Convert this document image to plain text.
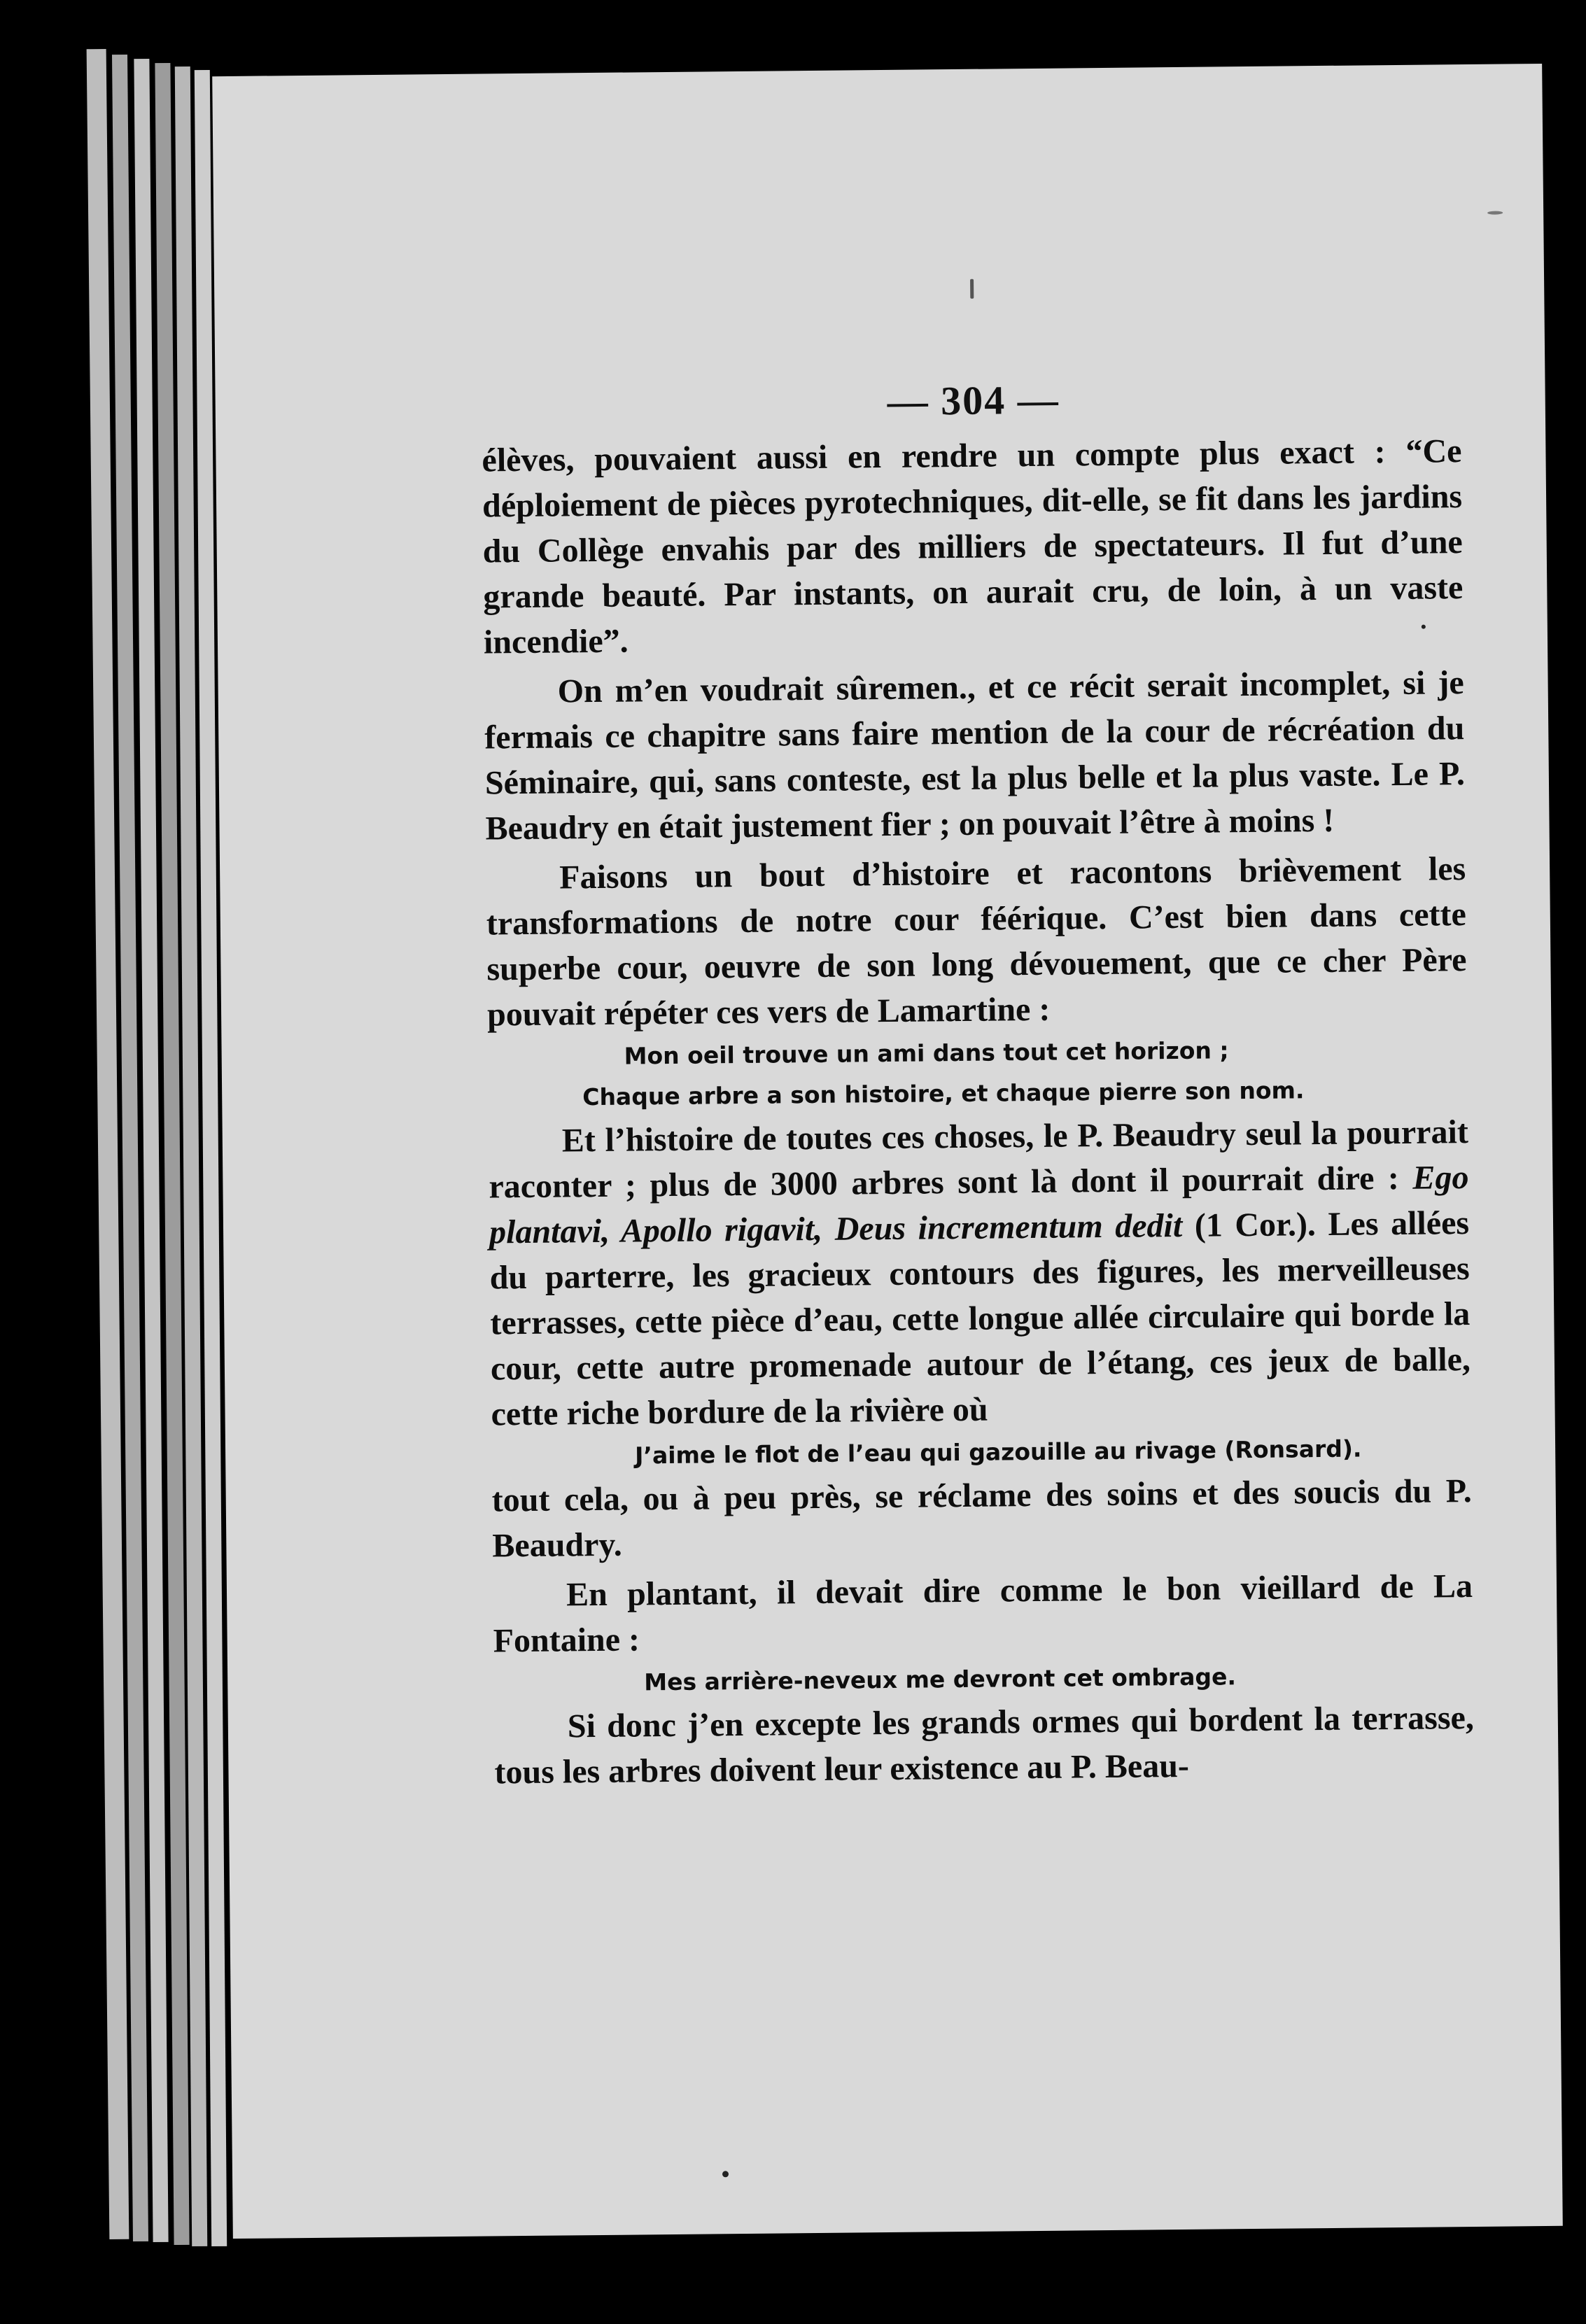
— 304 —

élèves, pouvaient aussi en rendre un compte plus exact : “Ce déploiement de pièces pyrotechniques, dit-elle, se fit dans les jardins du Collège envahis par des milliers de spectateurs. Il fut d’une grande beauté. Par instants, on aurait cru, de loin, à un vaste incendie”.

On m’en voudrait sûremen., et ce récit serait incomplet, si je fermais ce chapitre sans faire mention de la cour de récréation du Séminaire, qui, sans conteste, est la plus belle et la plus vaste. Le P. Beaudry en était justement fier ; on pouvait l’être à moins !

Faisons un bout d’histoire et racontons brièvement les transformations de notre cour féérique. C’est bien dans cette superbe cour, oeuvre de son long dévouement, que ce cher Père pouvait répéter ces vers de Lamartine :

Mon oeil trouve un ami dans tout cet horizon ;

Chaque arbre a son histoire, et chaque pierre son nom.

Et l’histoire de toutes ces choses, le P. Beaudry seul la pourrait raconter ; plus de 3000 arbres sont là dont il pourrait dire : Ego plantavi, Apollo rigavit, Deus incrementum dedit (1 Cor.). Les allées du parterre, les gracieux contours des figures, les merveilleuses terrasses, cette pièce d’eau, cette longue allée circulaire qui borde la cour, cette autre promenade autour de l’étang, ces jeux de balle, cette riche bordure de la rivière où

J’aime le flot de l’eau qui gazouille au rivage (Ronsard).

tout cela, ou à peu près, se réclame des soins et des soucis du P. Beaudry.

En plantant, il devait dire comme le bon vieillard de La Fontaine :

Mes arrière-neveux me devront cet ombrage.

Si donc j’en excepte les grands ormes qui bordent la terrasse, tous les arbres doivent leur existence au P. Beau-
